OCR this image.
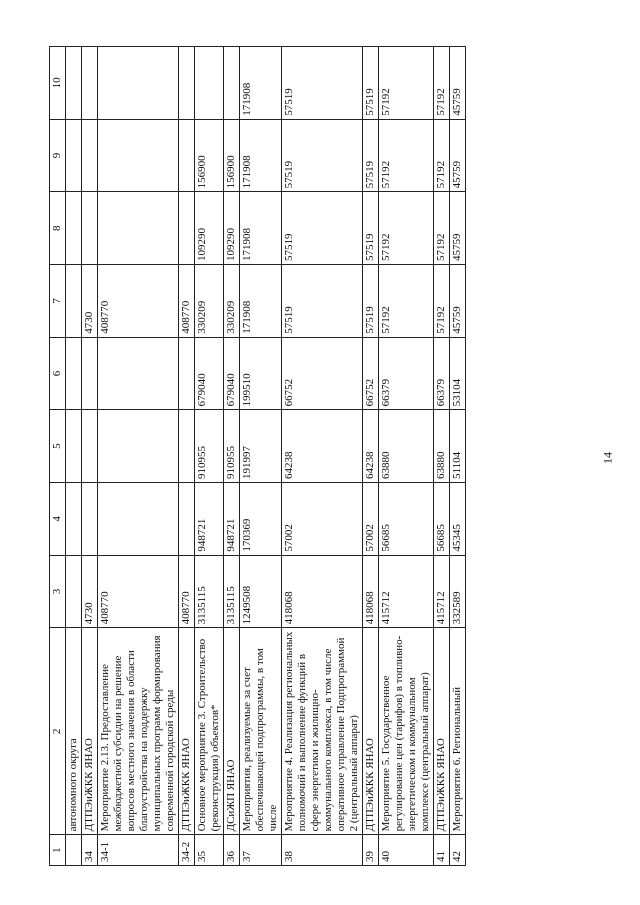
14
1	2	3	4	5	6	7	8	9	10
	автономного округа								
34	ДТПЭиЖКК ЯНАО	4730				4730			
34-1	Мероприятие 2.13. Предоставление межбюджетной субсидии на решение вопросов местного значения в области благоустройства на поддержку муниципальных программ формирования современной городской среды	408770				408770			
34-2	ДТПЭиЖКК ЯНАО	408770				408770			
35	Основное мероприятие 3. Строительство (реконструкция) объектов*	3135115	948721	910955	679040	330209	109290	156900	
36	ДСиЖП ЯНАО	3135115	948721	910955	679040	330209	109290	156900	
37	Мероприятия, реализуемые за счет обеспечивающей подпрограммы, в том числе	1249508	170369	191997	199510	171908	171908	171908	171908
38	Мероприятие 4. Реализация региональных полномочий и выполнение функций в сфере энергетики и жилищно-коммунального комплекса, в том числе оперативное управление Подпрограммой 2 (центральный аппарат)	418068	57002	64238	66752	57519	57519	57519	57519
39	ДТПЭиЖКК ЯНАО	418068	57002	64238	66752	57519	57519	57519	57519
40	Мероприятие 5. Государственное регулирование цен (тарифов) в топливно-энергетическом и коммунальном комплексе (центральный аппарат)	415712	56685	63880	66379	57192	57192	57192	57192
41	ДТПЭиЖКК ЯНАО	415712	56685	63880	66379	57192	57192	57192	57192
42	Мероприятие 6. Региональный	332589	45345	51104	53104	45759	45759	45759	45759
